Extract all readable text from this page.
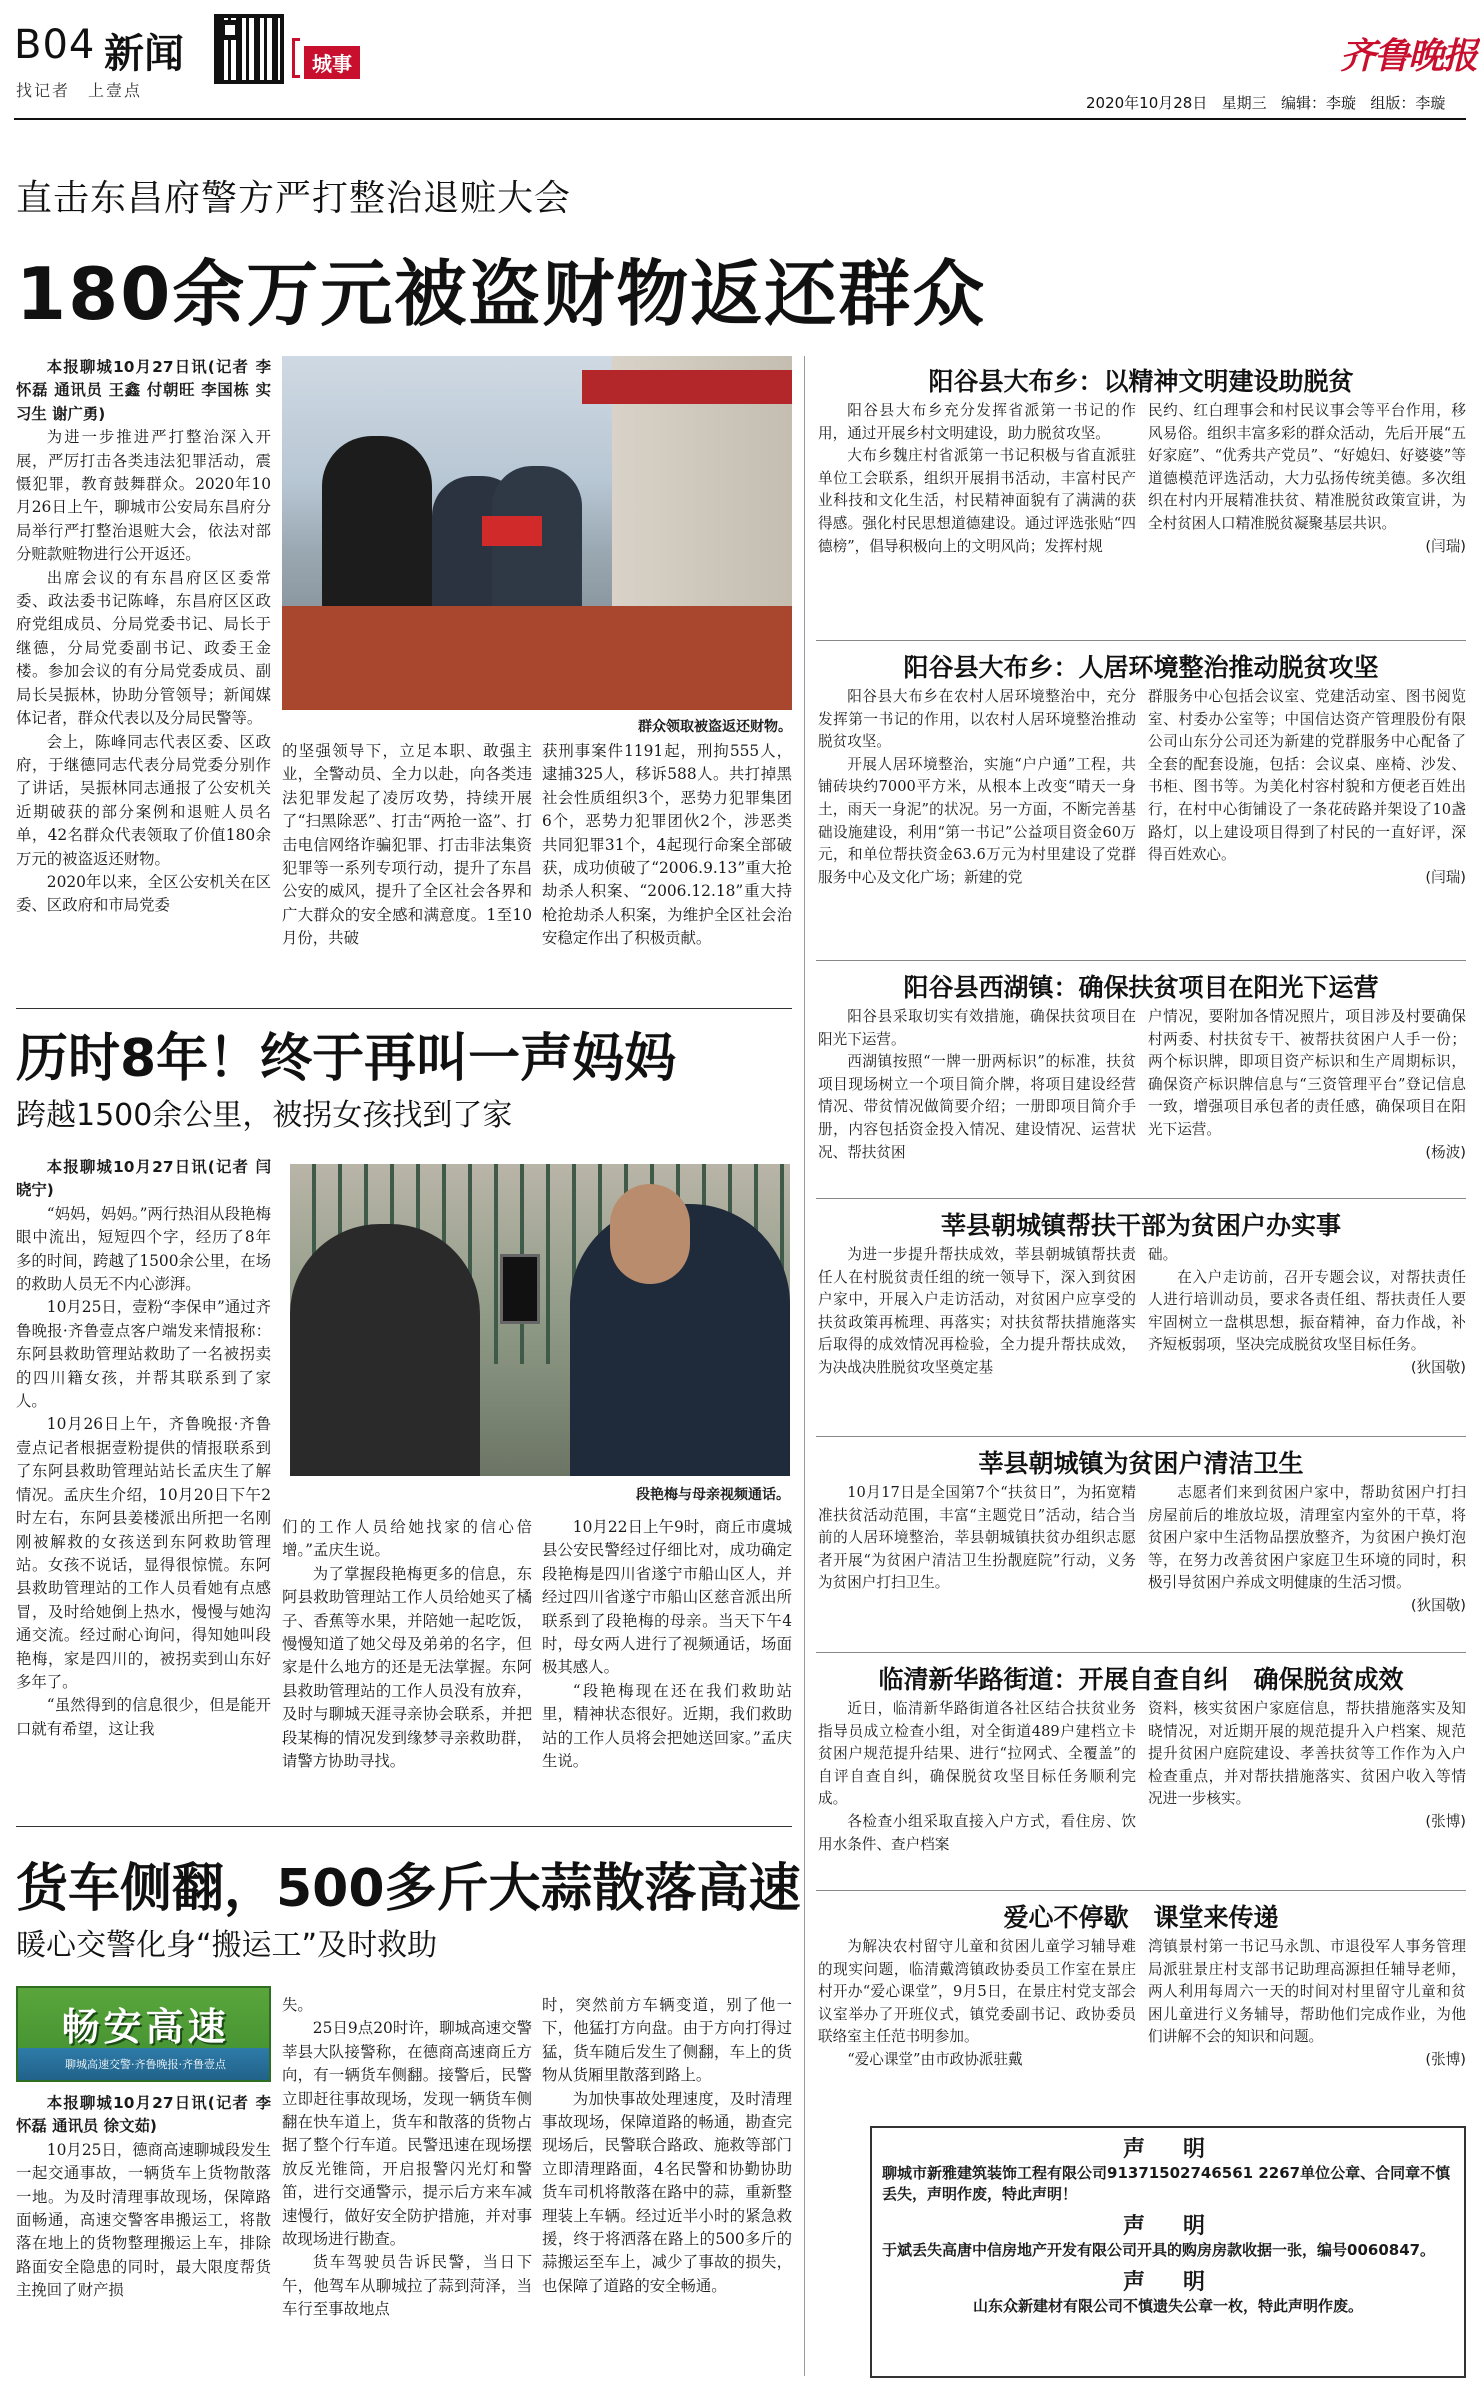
B04 新闻
找记者　上壹点
城事	齐鲁晚报
2020年10月28日 星期三 编辑：李璇 组版：李璇
直击东昌府警方严打整治退赃大会
180余万元被盗财物返还群众

本报聊城10月27日讯(记者 李怀磊 通讯员 王鑫 付朝旺 李国栋 实习生 谢广勇)

为进一步推进严打整治深入开展，严厉打击各类违法犯罪活动，震慑犯罪，教育鼓舞群众。2020年10月26日上午，聊城市公安局东昌府分局举行严打整治退赃大会，依法对部分赃款赃物进行公开返还。

出席会议的有东昌府区区委常委、政法委书记陈峰，东昌府区区政府党组成员、分局党委书记、局长于继德，分局党委副书记、政委王金楼。参加会议的有分局党委成员、副局长吴振林，协助分管领导；新闻媒体记者，群众代表以及分局民警等。

会上，陈峰同志代表区委、区政府，于继德同志代表分局党委分别作了讲话，吴振林同志通报了公安机关近期破获的部分案例和退赃人员名单，42名群众代表领取了价值180余万元的被盗返还财物。

2020年以来，全区公安机关在区委、区政府和市局党委

群众领取被盗返还财物。

的坚强领导下，立足本职、敢强主业，全警动员、全力以赴，向各类违法犯罪发起了凌厉攻势，持续开展了“扫黑除恶”、打击“两抢一盗”、打击电信网络诈骗犯罪、打击非法集资犯罪等一系列专项行动，提升了东昌公安的威风，提升了全区社会各界和广大群众的安全感和满意度。1至10月份，共破

获刑事案件1191起，刑拘555人，逮捕325人，移诉588人。共打掉黑社会性质组织3个，恶势力犯罪集团6个，恶势力犯罪团伙2个，涉恶类共同犯罪31个，4起现行命案全部破获，成功侦破了“2006.9.13”重大抢劫杀人积案、“2006.12.18”重大持枪抢劫杀人积案，为维护全区社会治安稳定作出了积极贡献。

历时8年！终于再叫一声妈妈
跨越1500余公里，被拐女孩找到了家

本报聊城10月27日讯(记者 闫晓宁)

“妈妈，妈妈。”两行热泪从段艳梅眼中流出，短短四个字，经历了8年多的时间，跨越了1500余公里，在场的救助人员无不内心澎湃。

10月25日，壹粉“李保申”通过齐鲁晚报·齐鲁壹点客户端发来情报称：东阿县救助管理站救助了一名被拐卖的四川籍女孩，并帮其联系到了家人。

10月26日上午，齐鲁晚报·齐鲁壹点记者根据壹粉提供的情报联系到了东阿县救助管理站站长孟庆生了解情况。孟庆生介绍，10月20日下午2时左右，东阿县姜楼派出所把一名刚刚被解救的女孩送到东阿救助管理站。女孩不说话，显得很惊慌。东阿县救助管理站的工作人员看她有点感冒，及时给她倒上热水，慢慢与她沟通交流。经过耐心询问，得知她叫段艳梅，家是四川的，被拐卖到山东好多年了。

“虽然得到的信息很少，但是能开口就有希望，这让我

段艳梅与母亲视频通话。

们的工作人员给她找家的信心倍增。”孟庆生说。

为了掌握段艳梅更多的信息，东阿县救助管理站工作人员给她买了橘子、香蕉等水果，并陪她一起吃饭，慢慢知道了她父母及弟弟的名字，但家是什么地方的还是无法掌握。东阿县救助管理站的工作人员没有放弃，及时与聊城天涯寻亲协会联系，并把段某梅的情况发到缘梦寻亲救助群，请警方协助寻找。

10月22日上午9时，商丘市虞城县公安民警经过仔细比对，成功确定段艳梅是四川省遂宁市船山区人，并经过四川省遂宁市船山区慈音派出所联系到了段艳梅的母亲。当天下午4时，母女两人进行了视频通话，场面极其感人。

“段艳梅现在还在我们救助站里，精神状态很好。近期，我们救助站的工作人员将会把她送回家。”孟庆生说。

货车侧翻，500多斤大蒜散落高速
暖心交警化身“搬运工”及时救助
畅安高速
聊城高速交警·齐鲁晚报·齐鲁壹点

本报聊城10月27日讯(记者 李怀磊 通讯员 徐文茹)

10月25日，德商高速聊城段发生一起交通事故，一辆货车上货物散落一地。为及时清理事故现场，保障路面畅通，高速交警客串搬运工，将散落在地上的货物整理搬运上车，排除路面安全隐患的同时，最大限度帮货主挽回了财产损

失。

25日9点20时许，聊城高速交警莘县大队接警称，在德商高速商丘方向，有一辆货车侧翻。接警后，民警立即赶往事故现场，发现一辆货车侧翻在快车道上，货车和散落的货物占据了整个行车道。民警迅速在现场摆放反光锥筒，开启报警闪光灯和警笛，进行交通警示，提示后方来车减速慢行，做好安全防护措施，并对事故现场进行勘查。

货车驾驶员告诉民警，当日下午，他驾车从聊城拉了蒜到菏泽，当车行至事故地点

时，突然前方车辆变道，别了他一下，他猛打方向盘。由于方向打得过猛，货车随后发生了侧翻，车上的货物从货厢里散落到路上。

为加快事故处理速度，及时清理事故现场，保障道路的畅通，勘查完现场后，民警联合路政、施救等部门立即清理路面，4名民警和协勤协助货车司机将散落在路中的蒜，重新整理装上车辆。经过近半小时的紧急救援，终于将洒落在路上的500多斤的蒜搬运至车上，减少了事故的损失，也保障了道路的安全畅通。

阳谷县大布乡：以精神文明建设助脱贫

阳谷县大布乡充分发挥省派第一书记的作用，通过开展乡村文明建设，助力脱贫攻坚。

大布乡魏庄村省派第一书记积极与省直派驻单位工会联系，组织开展捐书活动，丰富村民产业科技和文化生活，村民精神面貌有了满满的获得感。强化村民思想道德建设。通过评选张贴“四德榜”，倡导积极向上的文明风尚；发挥村规

民约、红白理事会和村民议事会等平台作用，移风易俗。组织丰富多彩的群众活动，先后开展“五好家庭”、“优秀共产党员”、“好媳妇、好婆婆”等道德模范评选活动，大力弘扬传统美德。多次组织在村内开展精准扶贫、精准脱贫政策宣讲，为全村贫困人口精准脱贫凝聚基层共识。

(闫瑞)

阳谷县大布乡：人居环境整治推动脱贫攻坚

阳谷县大布乡在农村人居环境整治中，充分发挥第一书记的作用，以农村人居环境整治推动脱贫攻坚。

开展人居环境整治，实施“户户通”工程，共铺砖块约7000平方米，从根本上改变“晴天一身土，雨天一身泥”的状况。另一方面，不断完善基础设施建设，利用“第一书记”公益项目资金60万元，和单位帮扶资金63.6万元为村里建设了党群服务中心及文化广场；新建的党

群服务中心包括会议室、党建活动室、图书阅览室、村委办公室等；中国信达资产管理股份有限公司山东分公司还为新建的党群服务中心配备了全套的配套设施，包括：会议桌、座椅、沙发、书柜、图书等。为美化村容村貌和方便老百姓出行，在村中心街铺设了一条花砖路并架设了10盏路灯，以上建设项目得到了村民的一直好评，深得百姓欢心。

(闫瑞)

阳谷县西湖镇：确保扶贫项目在阳光下运营

阳谷县采取切实有效措施，确保扶贫项目在阳光下运营。

西湖镇按照“一牌一册两标识”的标准，扶贫项目现场树立一个项目简介牌，将项目建设经营情况、带贫情况做简要介绍；一册即项目简介手册，内容包括资金投入情况、建设情况、运营状况、帮扶贫困

户情况，要附加各情况照片，项目涉及村要确保村两委、村扶贫专干、被帮扶贫困户人手一份；两个标识牌，即项目资产标识和生产周期标识，确保资产标识牌信息与“三资管理平台”登记信息一致，增强项目承包者的责任感，确保项目在阳光下运营。

(杨波)

莘县朝城镇帮扶干部为贫困户办实事

为进一步提升帮扶成效，莘县朝城镇帮扶责任人在村脱贫责任组的统一领导下，深入到贫困户家中，开展入户走访活动，对贫困户应享受的扶贫政策再梳理、再落实；对扶贫帮扶措施落实后取得的成效情况再检验，全力提升帮扶成效，为决战决胜脱贫攻坚奠定基

础。

在入户走访前，召开专题会议，对帮扶责任人进行培训动员，要求各责任组、帮扶责任人要牢固树立一盘棋思想，振奋精神，奋力作战，补齐短板弱项，坚决完成脱贫攻坚目标任务。

(狄国敬)

莘县朝城镇为贫困户清洁卫生

10月17日是全国第7个“扶贫日”，为拓宽精准扶贫活动范围，丰富“主题党日”活动，结合当前的人居环境整治，莘县朝城镇扶贫办组织志愿者开展“为贫困户清洁卫生扮靓庭院”行动，义务为贫困户打扫卫生。

志愿者们来到贫困户家中，帮助贫困户打扫房屋前后的堆放垃圾，清理室内室外的干草，将贫困户家中生活物品摆放整齐，为贫困户换灯泡等，在努力改善贫困户家庭卫生环境的同时，积极引导贫困户养成文明健康的生活习惯。

(狄国敬)

临清新华路街道：开展自查自纠　确保脱贫成效

近日，临清新华路街道各社区结合扶贫业务指导员成立检查小组，对全街道489户建档立卡贫困户规范提升结果、进行“拉网式、全覆盖”的自评自查自纠，确保脱贫攻坚目标任务顺利完成。

各检查小组采取直接入户方式，看住房、饮用水条件、查户档案

资料，核实贫困户家庭信息，帮扶措施落实及知晓情况，对近期开展的规范提升入户档案、规范提升贫困户庭院建设、孝善扶贫等工作作为入户检查重点，并对帮扶措施落实、贫困户收入等情况进一步核实。

(张博)

爱心不停歇　课堂来传递

为解决农村留守儿童和贫困儿童学习辅导难的现实问题，临清戴湾镇政协委员工作室在景庄村开办“爱心课堂”，9月5日，在景庄村党支部会议室举办了开班仪式，镇党委副书记、政协委员联络室主任范书明参加。

“爱心课堂”由市政协派驻戴

湾镇景村第一书记马永凯、市退役军人事务管理局派驻景庄村支部书记助理高源担任辅导老师，两人利用每周六一天的时间对村里留守儿童和贫困儿童进行义务辅导，帮助他们完成作业，为他们讲解不会的知识和问题。

(张博)

声　明
聊城市新雅建筑装饰工程有限公司91371502746561 2267单位公章、合同章不慎丢失，声明作废，特此声明！
声　明
于斌丢失高唐中信房地产开发有限公司开具的购房房款收据一张，编号0060847。
声　明
山东众新建材有限公司不慎遗失公章一枚，特此声明作废。
